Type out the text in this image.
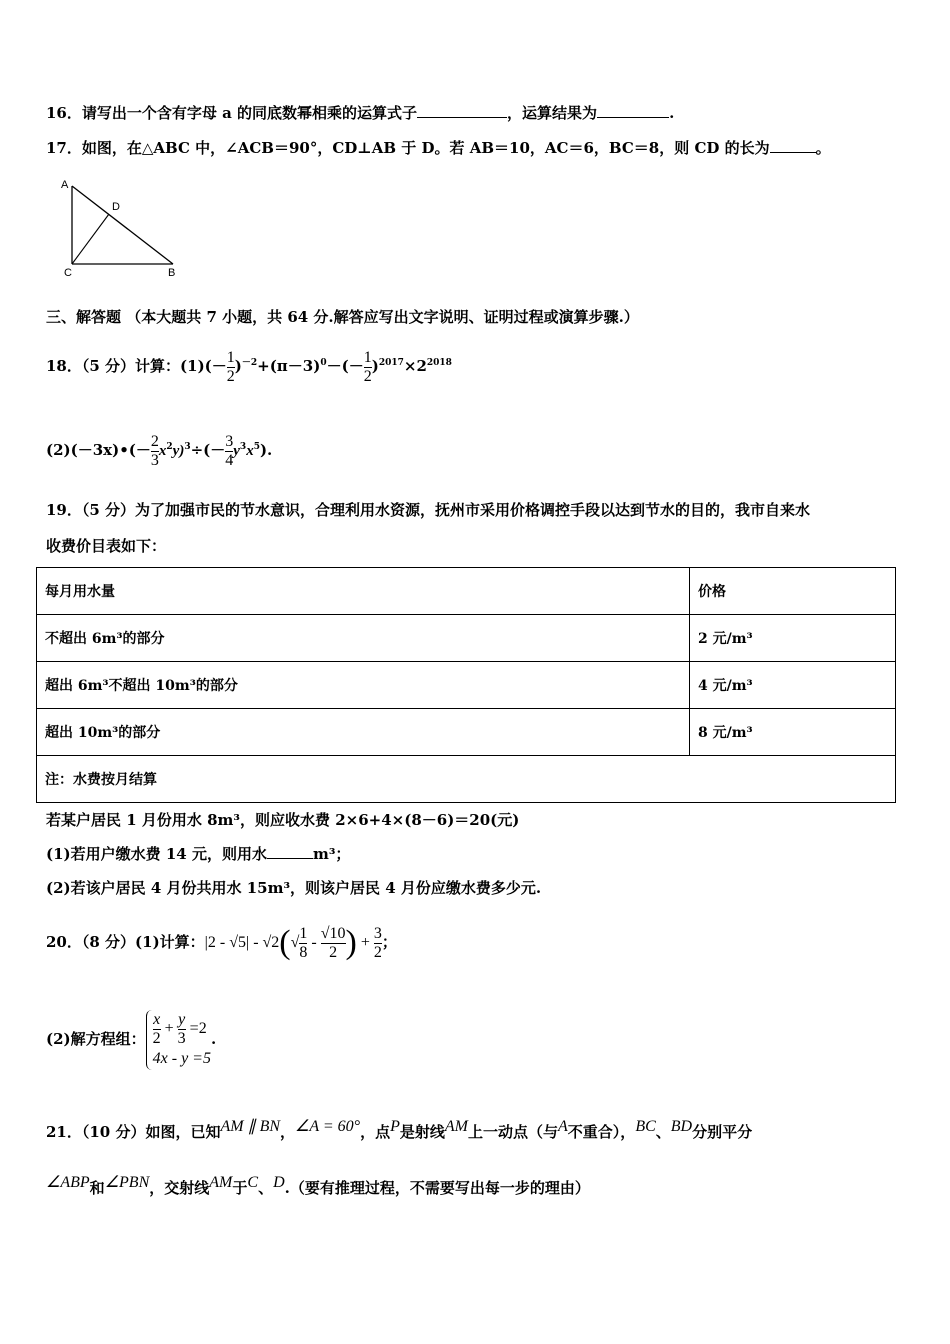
16．请写出一个含有字母 a 的同底数幂相乘的运算式子	，运算结果为	.
17．如图，在△ABC 中，∠ACB＝90°，CD⊥AB 于 D。若 AB＝10，AC＝6，BC＝8，则 CD 的长为	。
A
D
C	B
三、解答题 （本大题共 7 小题，共 64 分.解答应写出文字说明、证明过程或演算步骤.）
18．（5 分）计算：$(1)(- \frac{1}{2} )^{-2}+(\pi-3)^0-(- \frac{1}{2} )^{2017}\times 2^{2018}$
(2)(－3x)•(－ $\frac{2}{3} x^2y)^3\div(- \frac{3}{4} y^3x^5)$.
19．（5 分）为了加强市民的节水意识，合理利用水资源，抚州市采用价格调控手段以达到节水的目的，我市自来水
收费价目表如下：
每月用水量	价格
不超出 6m³的部分	2 元/m³
超出 6m³不超出 10m³的部分	4 元/m³
超出 10m³的部分	8 元/m³
注：水费按月结算	
若某户居民 1 月份用水 8m³，则应收水费 2×6+4×(8－6)＝20(元)
(1)若用户缴水费 14 元，则用水	m³；
(2)若该户居民 4 月份共用水 15m³，则该户居民 4 月份应缴水费多少元.
20．（8 分）(1)计算：$|2 - √5| - √2(√ \frac{1}{8} - \frac{√10}{2}$ ) + $\frac{3}{2}$ ；
(2)解方程组： $\frac{x}{2} + \frac{y}{3} =2$
4x - y =5
.
21．（10 分）如图，已知AM ∥ BN，∠A = 60°，点P是射线AM上一动点（与A不重合），BC、BD分别平分
∠ABP和∠PBN，交射线AM于C、D.（要有推理过程，不需要写出每一步的理由）
